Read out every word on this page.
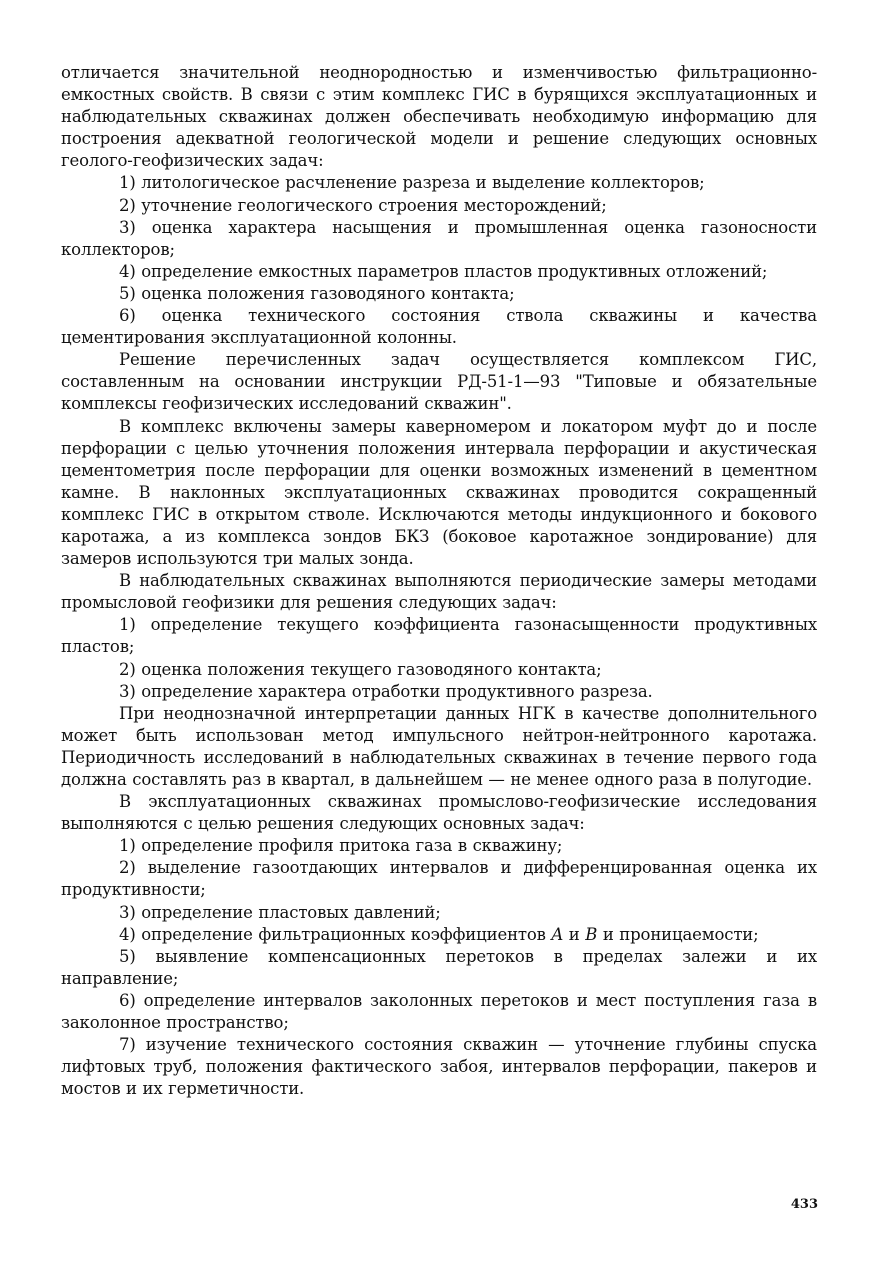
отличается значительной неоднородностью и изменчивостью фильтрационно-емкостных свойств. В связи с этим комплекс ГИС в бурящихся эксплуатационных и наблюдательных скважинах должен обеспечивать необходимую информацию для построения адекватной геологической модели и решение следующих основных геолого-геофизических задач:

1) литологическое расчленение разреза и выделение коллекторов;

2) уточнение геологического строения месторождений;

3) оценка характера насыщения и промышленная оценка газоносности коллекторов;

4) определение емкостных параметров пластов продуктивных отложений;

5) оценка положения газоводяного контакта;

6) оценка технического состояния ствола скважины и качества цементирования эксплуатационной колонны.

Решение перечисленных задач осуществляется комплексом ГИС, составленным на основании инструкции РД-51-1—93 "Типовые и обязательные комплексы геофизических исследований скважин".

В комплекс включены замеры каверномером и локатором муфт до и после перфорации с целью уточнения положения интервала перфорации и акустическая цементометрия после перфорации для оценки возможных изменений в цементном камне. В наклонных эксплуатационных скважинах проводится сокращенный комплекс ГИС в открытом стволе. Исключаются методы индукционного и бокового каротажа, а из комплекса зондов БКЗ (боковое каротажное зондирование) для замеров используются три малых зонда.

В наблюдательных скважинах выполняются периодические замеры методами промысловой геофизики для решения следующих задач:

1) определение текущего коэффициента газонасыщенности продуктивных пластов;

2) оценка положения текущего газоводяного контакта;

3) определение характера отработки продуктивного разреза.

При неоднозначной интерпретации данных НГК в качестве дополнительного может быть использован метод импульсного нейтрон-нейтронного каротажа. Периодичность исследований в наблюдательных скважинах в течение первого года должна составлять раз в квартал, в дальнейшем — не менее одного раза в полугодие.

В эксплуатационных скважинах промыслово-геофизические исследования выполняются с целью решения следующих основных задач:

1) определение профиля притока газа в скважину;

2) выделение газоотдающих интервалов и дифференцированная оценка их продуктивности;

3) определение пластовых давлений;

4) определение фильтрационных коэффициентов A и B и проницаемости;

5) выявление компенсационных перетоков в пределах залежи и их направление;

6) определение интервалов заколонных перетоков и мест поступления газа в заколонное пространство;

7) изучение технического состояния скважин — уточнение глубины спуска лифтовых труб, положения фактического забоя, интервалов перфорации, пакеров и мостов и их герметичности.

433
